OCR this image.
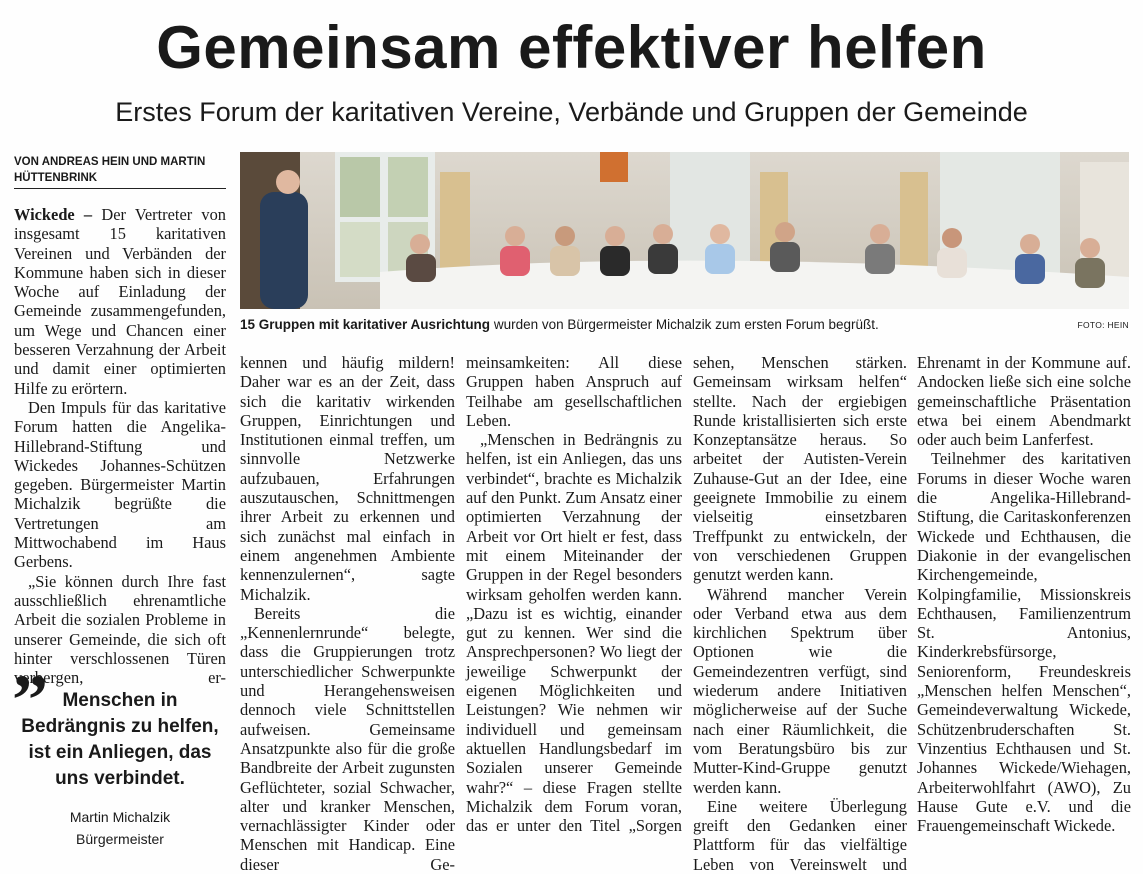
Gemeinsam effektiver helfen
Erstes Forum der karitativen Vereine, Verbände und Gruppen der Gemeinde
VON ANDREAS HEIN UND MARTIN HÜTTENBRINK

Wickede – Der Vertreter von insgesamt 15 karitativen Vereinen und Verbänden der Kommune haben sich in dieser Woche auf Einladung der Gemeinde zusammengefunden, um Wege und Chancen einer besseren Verzahnung der Arbeit und damit einer optimierten Hilfe zu erörtern.

Den Impuls für das karitative Forum hatten die Angelika-Hillebrand-Stiftung und Wickedes Johannes-Schützen gegeben. Bürgermeister Martin Michalzik begrüßte die Vertretungen am Mittwochabend im Haus Gerbens.

„Sie können durch Ihre fast ausschließlich ehrenamtliche Arbeit die sozialen Probleme in unserer Gemeinde, die sich oft hinter verschlossenen Türen verbergen, er-

15 Gruppen mit karitativer Ausrichtung wurden von Bürgermeister Michalzik zum ersten Forum begrüßt.	FOTO: HEIN

kennen und häufig mildern! Daher war es an der Zeit, dass sich die karitativ wirkenden Gruppen, Einrichtungen und Institutionen einmal treffen, um sinnvolle Netzwerke aufzubauen, Erfahrungen auszutauschen, Schnittmengen ihrer Arbeit zu erkennen und sich zunächst mal einfach in einem angenehmen Ambiente kennenzulernen“, sagte Michalzik.

Bereits die „Kennenlernrunde“ belegte, dass die Gruppierungen trotz unterschiedlicher Schwerpunkte und Herangehensweisen dennoch viele Schnittstellen aufweisen. Gemeinsame Ansatzpunkte also für die große Bandbreite der Arbeit zugunsten Geflüchteter, sozial Schwacher, alter und kranker Menschen, vernachlässigter Kinder oder Menschen mit Handicap. Eine dieser Ge-

meinsamkeiten: All diese Gruppen haben Anspruch auf Teilhabe am gesellschaftlichen Leben.

„Menschen in Bedrängnis zu helfen, ist ein Anliegen, das uns verbindet“, brachte es Michalzik auf den Punkt. Zum Ansatz einer optimierten Verzahnung der Arbeit vor Ort hielt er fest, dass mit einem Miteinander der Gruppen in der Regel besonders wirksam geholfen werden kann. „Dazu ist es wichtig, einander gut zu kennen. Wer sind die Ansprechpersonen? Wo liegt der jeweilige Schwerpunkt der eigenen Möglichkeiten und Leistungen? Wie nehmen wir individuell und gemeinsam aktuellen Handlungsbedarf im Sozialen unserer Gemeinde wahr?“ – diese Fragen stellte Michalzik dem Forum voran, das er unter den Titel „Sorgen

sehen, Menschen stärken. Gemeinsam wirksam helfen“ stellte. Nach der ergiebigen Runde kristallisierten sich erste Konzeptansätze heraus. So arbeitet der Autisten-Verein Zuhause-Gut an der Idee, eine geeignete Immobilie zu einem vielseitig einsetzbaren Treffpunkt zu entwickeln, der von verschiedenen Gruppen genutzt werden kann.

Während mancher Verein oder Verband etwa aus dem kirchlichen Spektrum über Optionen wie die Gemeindezentren verfügt, sind wiederum andere Initiativen möglicherweise auf der Suche nach einer Räumlichkeit, die vom Beratungsbüro bis zur Mutter-Kind-Gruppe genutzt werden kann.

Eine weitere Überlegung greift den Gedanken einer Plattform für das vielfältige Leben von Vereinswelt und

Ehrenamt in der Kommune auf. Andocken ließe sich eine solche gemeinschaftliche Präsentation etwa bei einem Abendmarkt oder auch beim Lanferfest.

Teilnehmer des karitativen Forums in dieser Woche waren die Angelika-Hillebrand-Stiftung, die Caritaskonferenzen Wickede und Echthausen, die Diakonie in der evangelischen Kirchengemeinde, Kolpingfamilie, Missionskreis Echthausen, Familienzentrum St. Antonius, Kinderkrebsfürsorge, Seniorenform, Freundeskreis „Menschen helfen Menschen“, Gemeindeverwaltung Wickede, Schützenbruderschaften St. Vinzentius Echthausen und St. Johannes Wickede/Wiehagen, Arbeiterwohlfahrt (AWO), Zu Hause Gute e.V. und die Frauengemeinschaft Wickede.

” Menschen in Bedrängnis zu helfen, ist ein Anliegen, das uns verbindet.
Martin Michalzik
Bürgermeister
